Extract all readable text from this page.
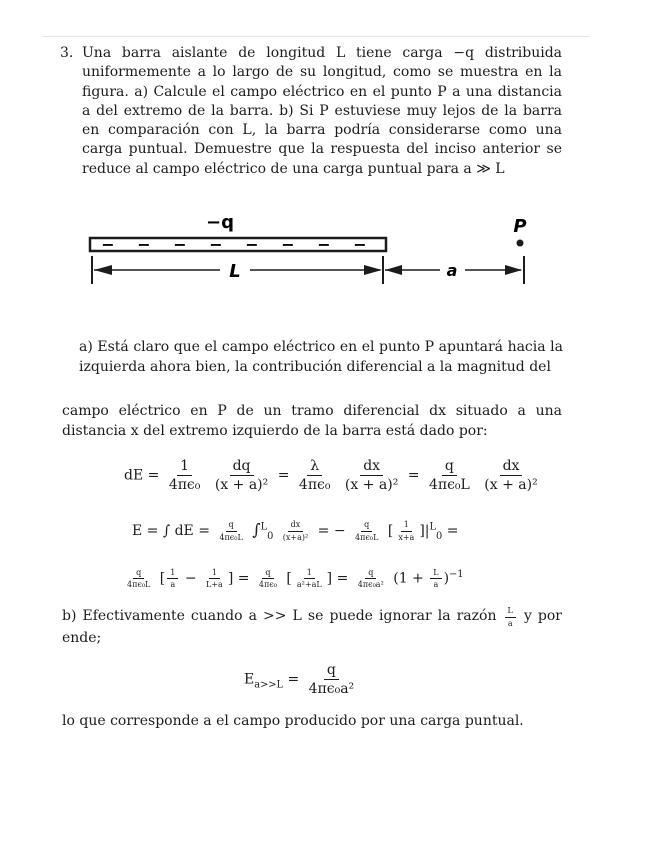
3. Una barra aislante de longitud L tiene carga −q distribuida uniformemente a lo largo de su longitud, como se muestra en la figura. a) Calcule el campo eléctrico en el punto P a una distancia a del extremo de la barra. b) Si P estuviese muy lejos de la barra en comparación con L, la barra podría considerarse como una carga puntual. Demuestre que la respuesta del inciso anterior se reduce al campo eléctrico de una carga puntual para a ≫ L
−q	P
− − − − − − − −
L	a
a) Está claro que el campo eléctrico en el punto P apuntará hacia la izquierda ahora bien, la contribución diferencial a la magnitud del
campo eléctrico en P de un tramo diferencial dx situado a una distancia x del extremo izquierdo de la barra está dado por:
dE = $\frac{1}{\text{4πϵ₀}}$
$\frac{dq}{\text{(x + a)²}} = \frac{\lambda}{\text{4πϵ₀}}$
$\frac{dx}{\text{(x + a)²}} = \frac{q}{\text{4πϵ₀L}}$
$\frac{dx}{\text{(x + a)²}}$
E = ∫ dE = $\frac{q}{\text{4πϵ₀L}} \int^L_0 \frac{dx}{\text{(x+a)²}}$ = − $\frac{q}{\text{4πϵ₀L}}$ [ $\frac{1}{x+a} ]|^L_0$ =
$\frac{q}{\text{4πϵ₀L}}$ [ $\frac{1}{a} - \frac{1}{L+a}$ ] = $\frac{q}{\text{4πϵ₀}}$ [ $\frac{1}{\text{a²+aL}}$ ] = $\frac{q}{\text{4πϵ₀a²}} (1 + \frac{L}{a} )^{-1}$
b) Efectivamente cuando a >> L se puede ignorar la razón $\frac{L}{a}$ y por ende;
$E_{a>>L} = \frac{q}{\text{4πϵ₀a²}}$
lo que corresponde a el campo producido por una carga puntual.
